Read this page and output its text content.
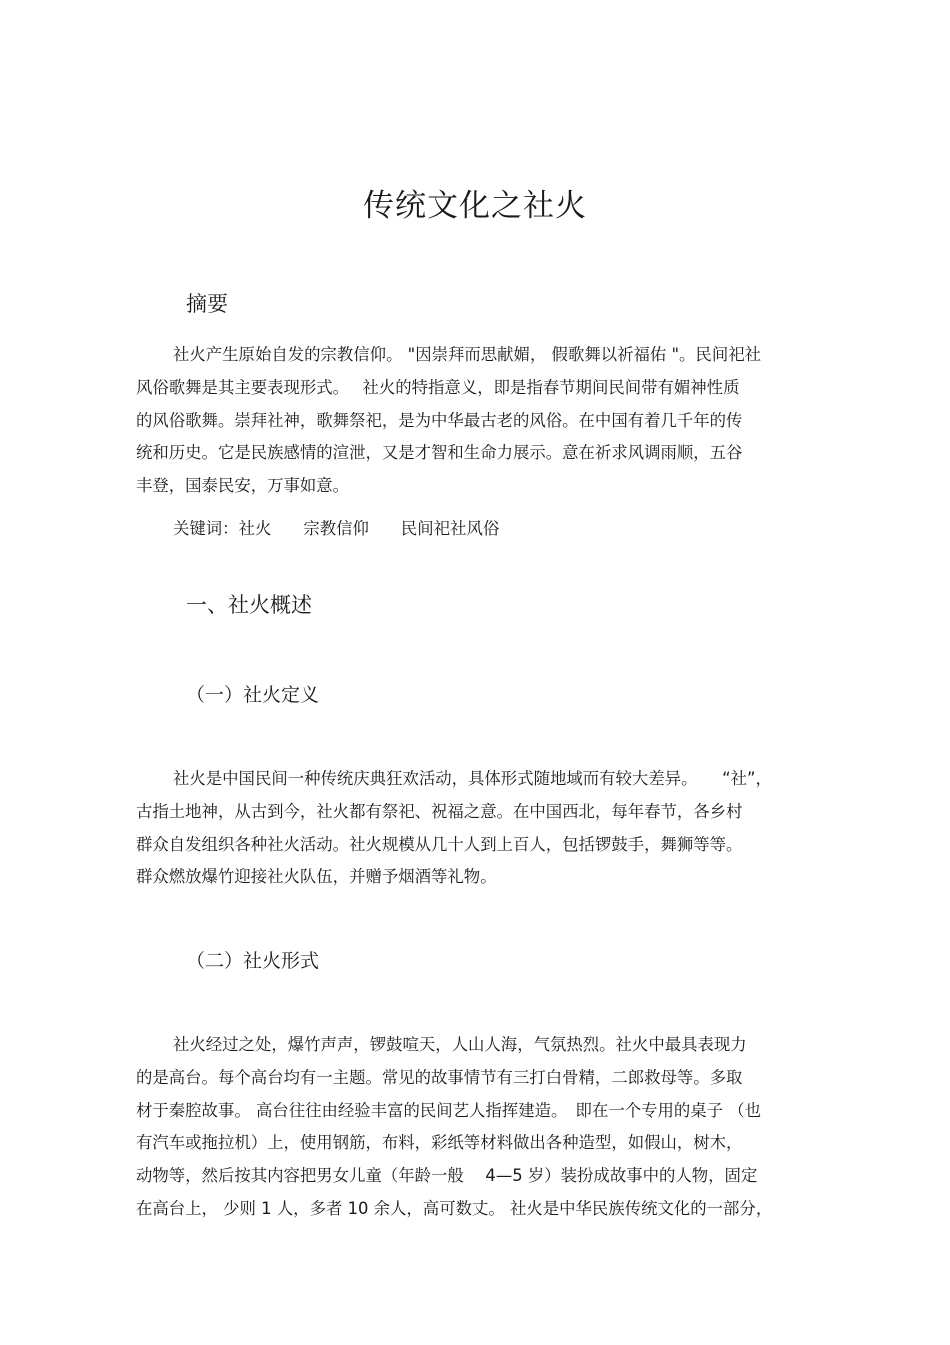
传统文化之社火
摘要

社火产生原始自发的宗教信仰。 "因崇拜而思献媚， 假歌舞以祈福佑 "。民间祀社

风俗歌舞是其主要表现形式。　 社火的特指意义，即是指春节期间民间带有媚神性质

的风俗歌舞。崇拜社神，歌舞祭祀，是为中华最古老的风俗。在中国有着几千年的传

统和历史。它是民族感情的渲泄，又是才智和生命力展示。意在祈求风调雨顺，五谷

丰登，国泰民安，万事如意。

关键词：社火 宗教信仰 民间祀社风俗
一、社火概述
（一）社火定义

社火是中国民间一种传统庆典狂欢活动，具体形式随地域而有较大差异。　　“社”，

古指土地神，从古到今，社火都有祭祀、祝福之意。在中国西北，每年春节，各乡村

群众自发组织各种社火活动。社火规模从几十人到上百人，包括锣鼓手，舞狮等等。

群众燃放爆竹迎接社火队伍，并赠予烟酒等礼物。

（二）社火形式

社火经过之处，爆竹声声，锣鼓喧天，人山人海，气氛热烈。社火中最具表现力

的是高台。每个高台均有一主题。常见的故事情节有三打白骨精，二郎救母等。多取

材于秦腔故事。 高台往往由经验丰富的民间艺人指挥建造。　即在一个专用的桌子 （也

有汽车或拖拉机）上，使用钢筋，布料，彩纸等材料做出各种造型，如假山，树木，

动物等，然后按其内容把男女儿童（年龄一般　 4—5 岁）装扮成故事中的人物，固定

在高台上， 少则 1 人，多者 10 余人，高可数丈。 社火是中华民族传统文化的一部分，
